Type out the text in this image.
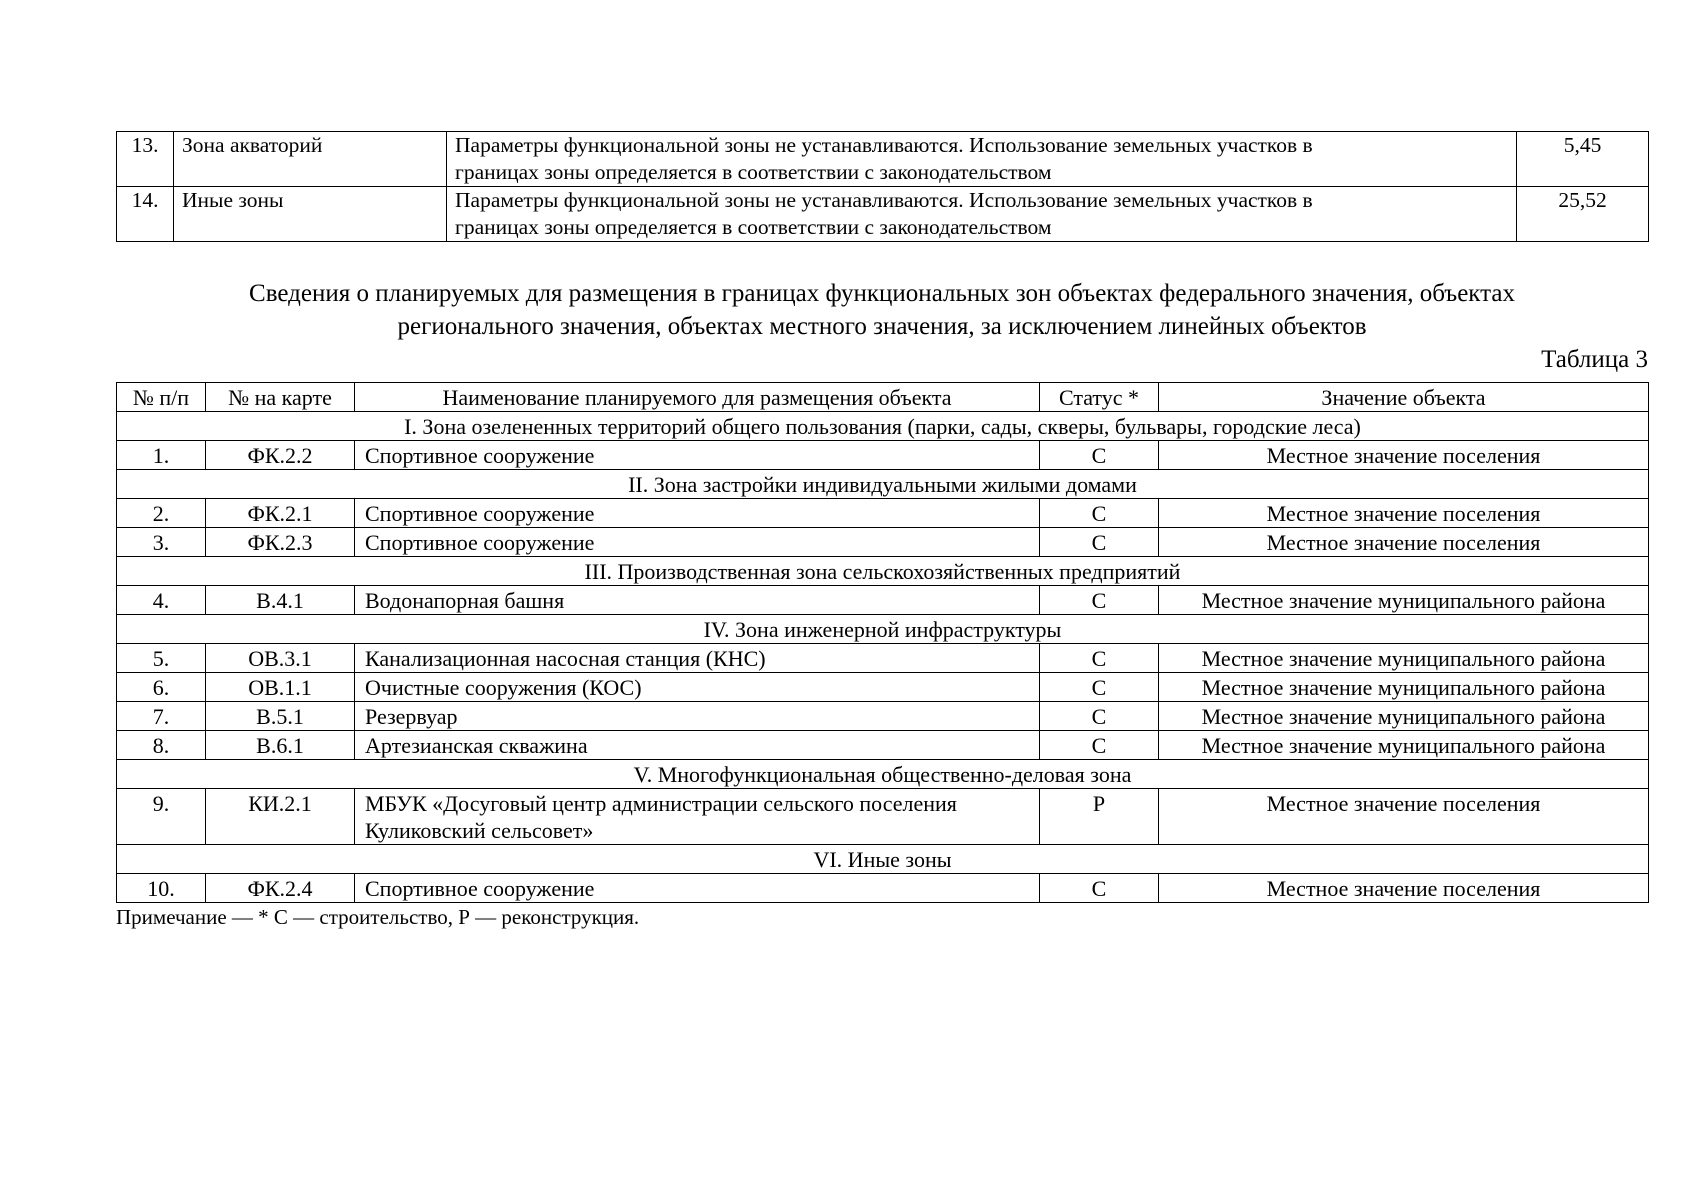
13.	Зона акваторий	Параметры функциональной зоны не устанавливаются. Использование земельных участков в
границах зоны определяется в соответствии с законодательством	5,45
14.	Иные зоны	Параметры функциональной зоны не устанавливаются. Использование земельных участков в
границах зоны определяется в соответствии с законодательством	25,52
Сведения о планируемых для размещения в границах функциональных зон объектах федерального значения, объектах
регионального значения, объектах местного значения, за исключением линейных объектов
Таблица 3
№ п/п	№ на карте	Наименование планируемого для размещения объекта	Статус *	Значение объекта
I. Зона озелененных территорий общего пользования (парки, сады, скверы, бульвары, городские леса)				
1.	ФК.2.2	Спортивное сооружение	С	Местное значение поселения
II. Зона застройки индивидуальными жилыми домами				
2.	ФК.2.1	Спортивное сооружение	С	Местное значение поселения
3.	ФК.2.3	Спортивное сооружение	С	Местное значение поселения
III. Производственная зона сельскохозяйственных предприятий				
4.	В.4.1	Водонапорная башня	С	Местное значение муниципального района
IV. Зона инженерной инфраструктуры				
5.	ОВ.3.1	Канализационная насосная станция (КНС)	С	Местное значение муниципального района
6.	ОВ.1.1	Очистные сооружения (КОС)	С	Местное значение муниципального района
7.	В.5.1	Резервуар	С	Местное значение муниципального района
8.	В.6.1	Артезианская скважина	С	Местное значение муниципального района
V. Многофункциональная общественно-деловая зона				
9.	КИ.2.1	МБУК «Досуговый центр администрации сельского поселения
Куликовский сельсовет»	Р	Местное значение поселения
VI. Иные зоны				
10.	ФК.2.4	Спортивное сооружение	С	Местное значение поселения
Примечание — * С — строительство, Р — реконструкция.
